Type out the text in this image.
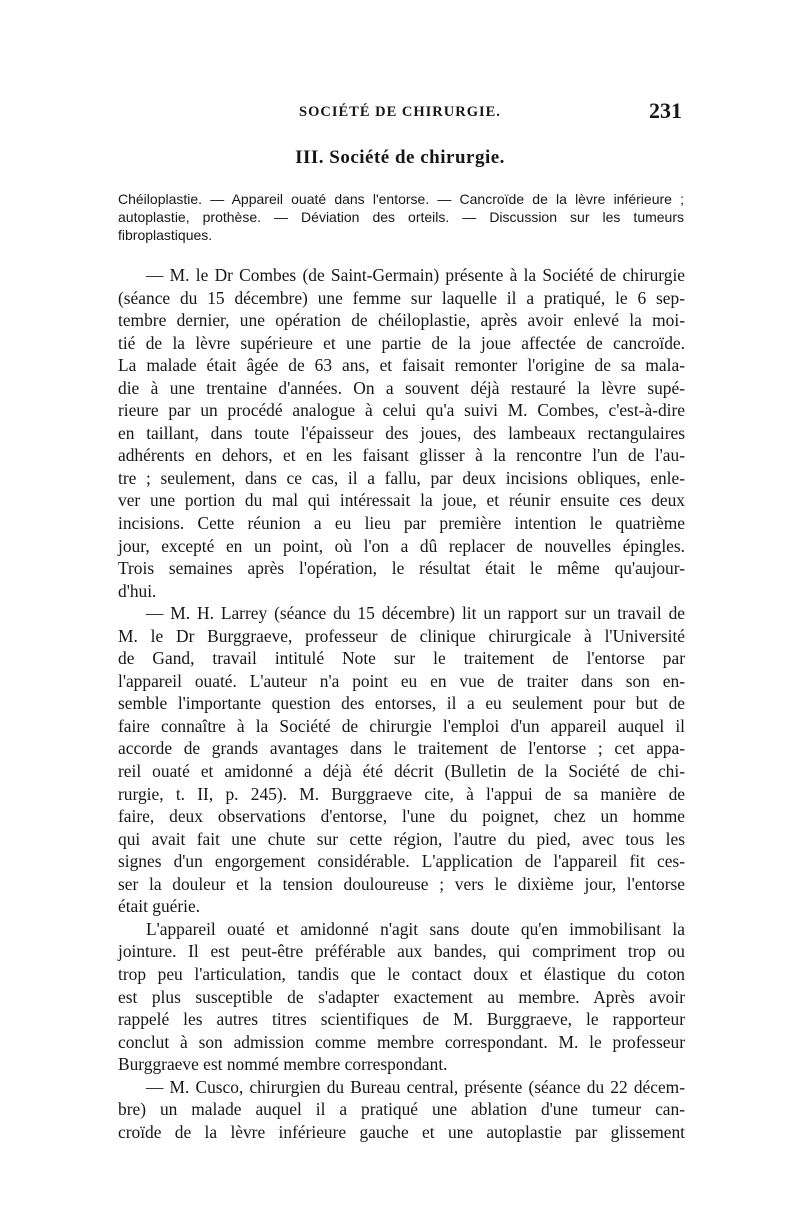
SOCIÉTÉ DE CHIRURGIE.	231
III. Société de chirurgie.
Chéiloplastie. — Appareil ouaté dans l'entorse. — Cancroïde de la lèvre inférieure ; autoplastie, prothèse. — Déviation des orteils. — Discussion sur les tumeurs fibroplastiques.
— M. le Dr Combes (de Saint-Germain) présente à la Société de chirurgie
(séance du 15 décembre) une femme sur laquelle il a pratiqué, le 6 sep-
tembre dernier, une opération de chéiloplastie, après avoir enlevé la moi-
tié de la lèvre supérieure et une partie de la joue affectée de cancroïde.
La malade était âgée de 63 ans, et faisait remonter l'origine de sa mala-
die à une trentaine d'années. On a souvent déjà restauré la lèvre supé-
rieure par un procédé analogue à celui qu'a suivi M. Combes, c'est-à-dire
en taillant, dans toute l'épaisseur des joues, des lambeaux rectangulaires
adhérents en dehors, et en les faisant glisser à la rencontre l'un de l'au-
tre ; seulement, dans ce cas, il a fallu, par deux incisions obliques, enle-
ver une portion du mal qui intéressait la joue, et réunir ensuite ces deux
incisions. Cette réunion a eu lieu par première intention le quatrième
jour, excepté en un point, où l'on a dû replacer de nouvelles épingles.
Trois semaines après l'opération, le résultat était le même qu'aujour-
d'hui.
— M. H. Larrey (séance du 15 décembre) lit un rapport sur un travail de
M. le Dr Burggraeve, professeur de clinique chirurgicale à l'Université
de Gand, travail intitulé Note sur le traitement de l'entorse par
l'appareil ouaté. L'auteur n'a point eu en vue de traiter dans son en-
semble l'importante question des entorses, il a eu seulement pour but de
faire connaître à la Société de chirurgie l'emploi d'un appareil auquel il
accorde de grands avantages dans le traitement de l'entorse ; cet appa-
reil ouaté et amidonné a déjà été décrit (Bulletin de la Société de chi-
rurgie, t. II, p. 245). M. Burggraeve cite, à l'appui de sa manière de
faire, deux observations d'entorse, l'une du poignet, chez un homme
qui avait fait une chute sur cette région, l'autre du pied, avec tous les
signes d'un engorgement considérable. L'application de l'appareil fit ces-
ser la douleur et la tension douloureuse ; vers le dixième jour, l'entorse
était guérie.
L'appareil ouaté et amidonné n'agit sans doute qu'en immobilisant la
jointure. Il est peut-être préférable aux bandes, qui compriment trop ou
trop peu l'articulation, tandis que le contact doux et élastique du coton
est plus susceptible de s'adapter exactement au membre. Après avoir
rappelé les autres titres scientifiques de M. Burggraeve, le rapporteur
conclut à son admission comme membre correspondant. M. le professeur
Burggraeve est nommé membre correspondant.
— M. Cusco, chirurgien du Bureau central, présente (séance du 22 décem-
bre) un malade auquel il a pratiqué une ablation d'une tumeur can-
croïde de la lèvre inférieure gauche et une autoplastie par glissement
